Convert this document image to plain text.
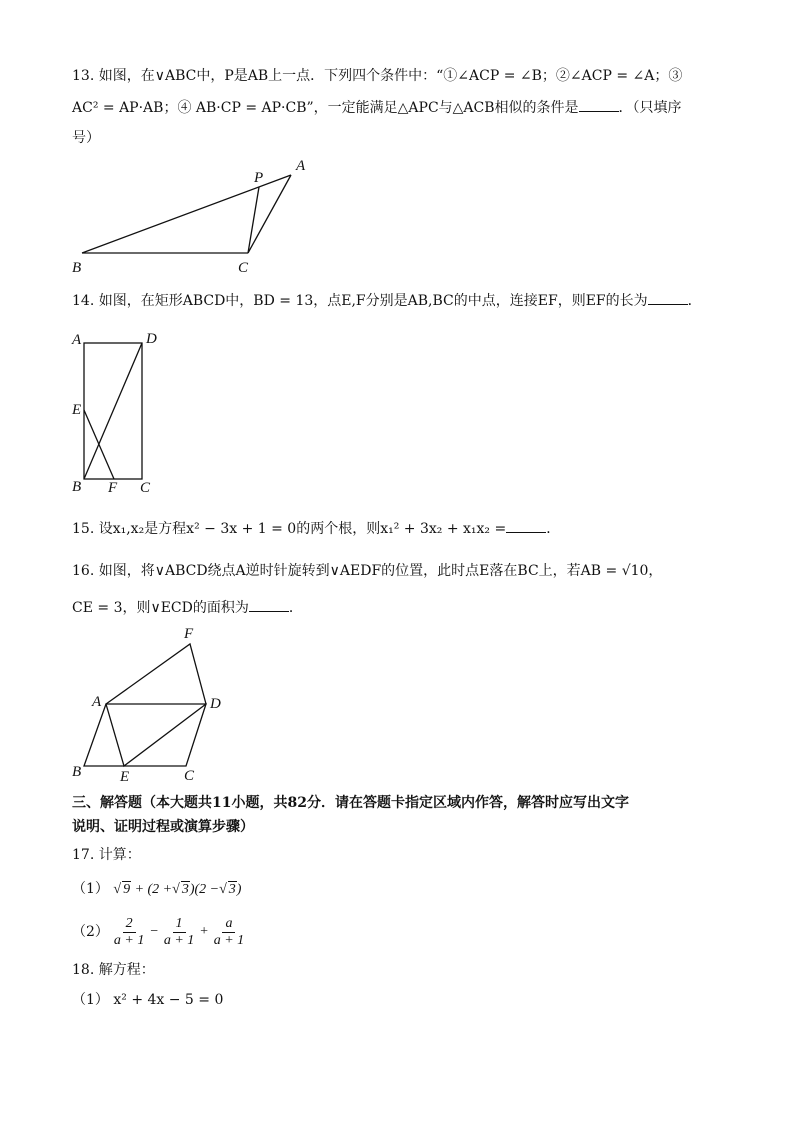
13. 如图，在∨ABC中，P是AB上一点．下列四个条件中：“①∠ACP = ∠B；②∠ACP = ∠A；③
AC² = AP·AB；④ AB·CP = AP·CB”，一定能满足△APC与△ACB相似的条件是	．（只填序
号）
A
P
B	C
14. 如图，在矩形ABCD中，BD = 13，点E,F分别是AB,BC的中点，连接EF，则EF的长为	．
A	D
E
B F C
15. 设x₁,x₂是方程x² − 3x + 1 = 0的两个根，则x₁² + 3x₂ + x₁x₂ =	．
16. 如图，将∨ABCD绕点A逆时针旋转到∨AEDF的位置，此时点E落在BC上，若AB = √10，
CE = 3，则∨ECD的面积为	．
F
A	D
B	E	C
三、解答题（本大题共11小题，共82分．请在答题卡指定区域内作答，解答时应写出文字
说明、证明过程或演算步骤）
17. 计算：
（1） √ 9 + (2 +√ 3)(2 −√ 3)
$(2) \frac{2}{a + 1} - \frac{1}{a + 1} + \frac{a}{a + 1}$
18. 解方程：
（1） x² + 4x − 5 = 0
